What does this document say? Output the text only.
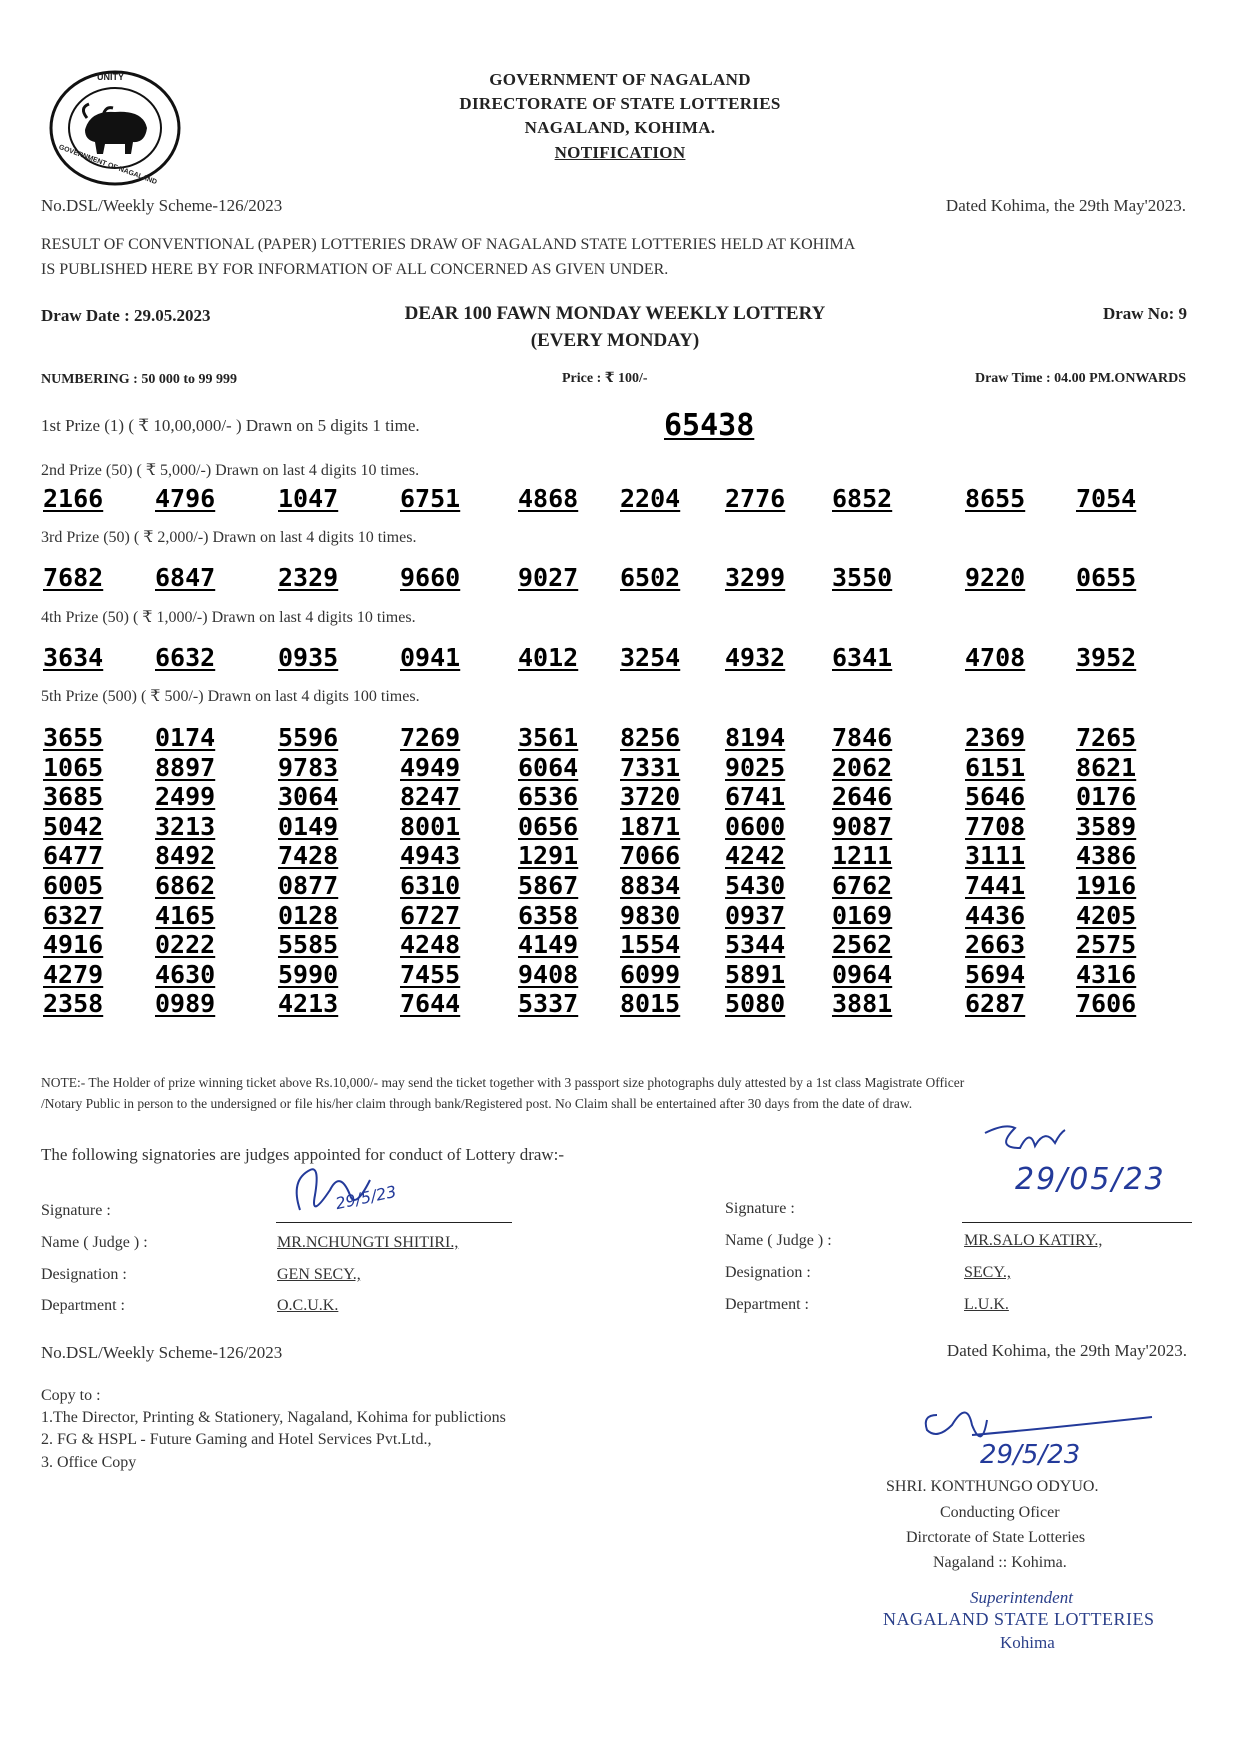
UNITY
GOVERNMENT OF NAGALAND
GOVERNMENT OF NAGALAND
DIRECTORATE OF STATE LOTTERIES
NAGALAND, KOHIMA.
NOTIFICATION
No.DSL/Weekly Scheme-126/2023	Dated Kohima, the 29th May'2023.
RESULT OF CONVENTIONAL (PAPER) LOTTERIES DRAW OF NAGALAND STATE LOTTERIES HELD AT KOHIMA
IS PUBLISHED HERE BY FOR INFORMATION OF ALL CONCERNED AS GIVEN UNDER.
Draw Date : 29.05.2023	DEAR 100 FAWN MONDAY WEEKLY LOTTERY
(EVERY MONDAY)
Draw No: 9
NUMBERING : 50 000 to 99 999	Price : ₹ 100/-	Draw Time : 04.00 PM.ONWARDS
1st Prize (1) ( ₹ 10,00,000/- ) Drawn on 5 digits 1 time.	65438
2nd Prize (50) ( ₹ 5,000/-) Drawn on last 4 digits 10 times.
2166 4796	1047 6751 4868 2204 2776 6852	8655 7054
3rd Prize (50) ( ₹ 2,000/-) Drawn on last 4 digits 10 times.
7682 6847	2329 9660 9027 6502 3299 3550	9220 0655
4th Prize (50) ( ₹ 1,000/-) Drawn on last 4 digits 10 times.
3634 6632	0935 0941 4012 3254 4932 6341	4708 3952
5th Prize (500) ( ₹ 500/-) Drawn on last 4 digits 100 times.
3655 0174	5596 7269 3561 8256 8194 7846	2369 7265
1065 8897	9783 4949 6064 7331 9025 2062	6151 8621
3685 2499	3064 8247 6536 3720 6741 2646	5646 0176
5042 3213	0149 8001 0656 1871 0600 9087	7708 3589
6477 8492	7428 4943 1291 7066 4242 1211	3111 4386
6005 6862	0877 6310 5867 8834 5430 6762	7441 1916
6327 4165	0128 6727 6358 9830 0937 0169	4436 4205
4916 0222	5585 4248 4149 1554 5344 2562	2663 2575
4279 4630	5990 7455 9408 6099 5891 0964	5694 4316
2358 0989	4213 7644 5337 8015 5080 3881	6287 7606
NOTE:- The Holder of prize winning ticket above Rs.10,000/- may send the ticket together with 3 passport size photographs duly attested by a 1st class Magistrate Officer
/Notary Public in person to the undersigned or file his/her claim through bank/Registered post. No Claim shall be entertained after 30 days from the date of draw.
The following signatories are judges appointed for conduct of Lottery draw:-
Signature :	29/5/23
Name ( Judge ) :	MR.NCHUNGTI SHITIRI.,
Designation :	GEN SECY.,
Department :	O.C.U.K.
29/05/23
Signature :
Name ( Judge ) :	MR.SALO KATIRY.,
Designation :	SECY.,
Department :	L.U.K.
No.DSL/Weekly Scheme-126/2023	Dated Kohima, the 29th May'2023.
Copy to :
1.The Director, Printing & Stationery, Nagaland, Kohima for publictions
2. FG & HSPL - Future Gaming and Hotel Services Pvt.Ltd.,
3. Office Copy	29/5/23
SHRI. KONTHUNGO ODYUO.
Conducting Oficer
Dirctorate of State Lotteries
Nagaland :: Kohima.
Superintendent
NAGALAND STATE LOTTERIES
Kohima
